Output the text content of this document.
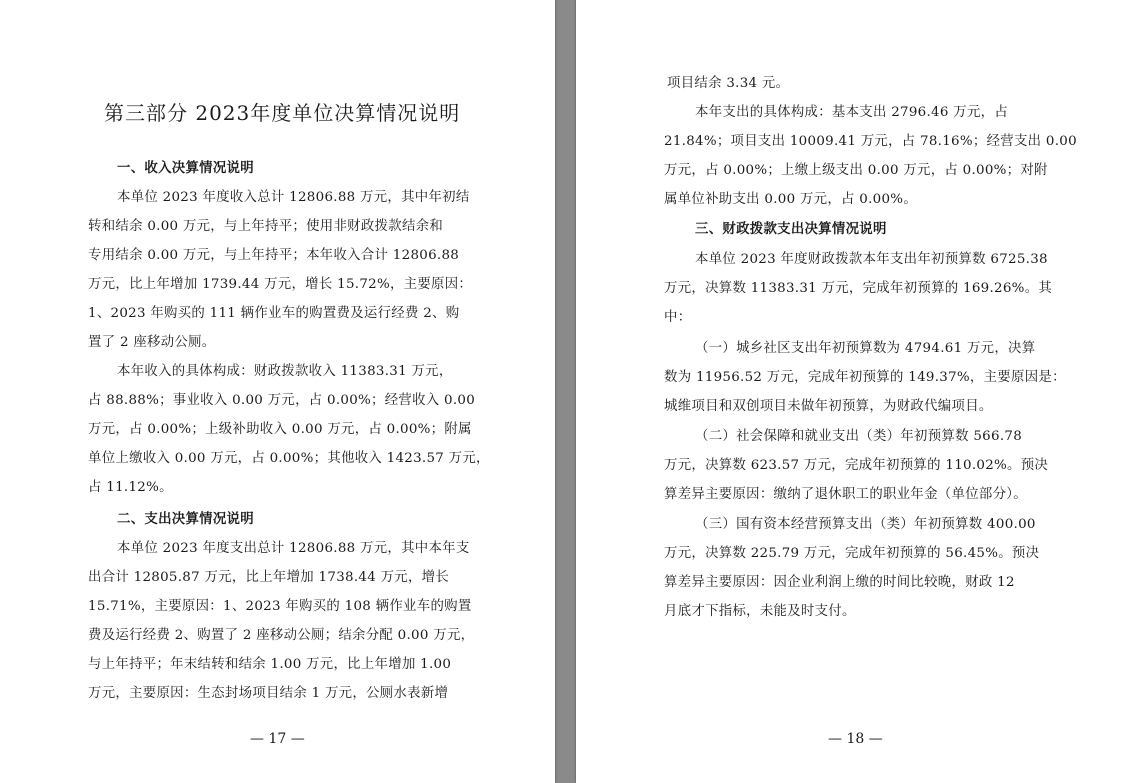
第三部分 2023年度单位决算情况说明
一、收入决算情况说明
本单位 2023 年度收入总计 12806.88 万元，其中年初结
转和结余 0.00 万元，与上年持平；使用非财政拨款结余和
专用结余 0.00 万元，与上年持平；本年收入合计 12806.88
万元，比上年增加 1739.44 万元，增长 15.72%，主要原因：
1、2023 年购买的 111 辆作业车的购置费及运行经费 2、购
置了 2 座移动公厕。
本年收入的具体构成：财政拨款收入 11383.31 万元，
占 88.88%；事业收入 0.00 万元，占 0.00%；经营收入 0.00
万元，占 0.00%；上级补助收入 0.00 万元，占 0.00%；附属
单位上缴收入 0.00 万元，占 0.00%；其他收入 1423.57 万元，
占 11.12%。
二、支出决算情况说明
本单位 2023 年度支出总计 12806.88 万元，其中本年支
出合计 12805.87 万元，比上年增加 1738.44 万元，增长
15.71%，主要原因：1、2023 年购买的 108 辆作业车的购置
费及运行经费 2、购置了 2 座移动公厕；结余分配 0.00 万元，
与上年持平；年末结转和结余 1.00 万元，比上年增加 1.00
万元，主要原因：生态封场项目结余 1 万元，公厕水表新增
— 17 —
项目结余 3.34 元。
本年支出的具体构成：基本支出 2796.46 万元，占
21.84%；项目支出 10009.41 万元，占 78.16%；经营支出 0.00
万元，占 0.00%；上缴上级支出 0.00 万元，占 0.00%；对附
属单位补助支出 0.00 万元，占 0.00%。
三、财政拨款支出决算情况说明
本单位 2023 年度财政拨款本年支出年初预算数 6725.38
万元，决算数 11383.31 万元，完成年初预算的 169.26%。其
中：
（一）城乡社区支出年初预算数为 4794.61 万元，决算
数为 11956.52 万元，完成年初预算的 149.37%，主要原因是：
城维项目和双创项目未做年初预算，为财政代编项目。
（二）社会保障和就业支出（类）年初预算数 566.78
万元，决算数 623.57 万元，完成年初预算的 110.02%。预决
算差异主要原因：缴纳了退休职工的职业年金（单位部分）。
（三）国有资本经营预算支出（类）年初预算数 400.00
万元，决算数 225.79 万元，完成年初预算的 56.45%。预决
算差异主要原因：因企业利润上缴的时间比较晚，财政 12
月底才下指标，未能及时支付。
— 18 —
